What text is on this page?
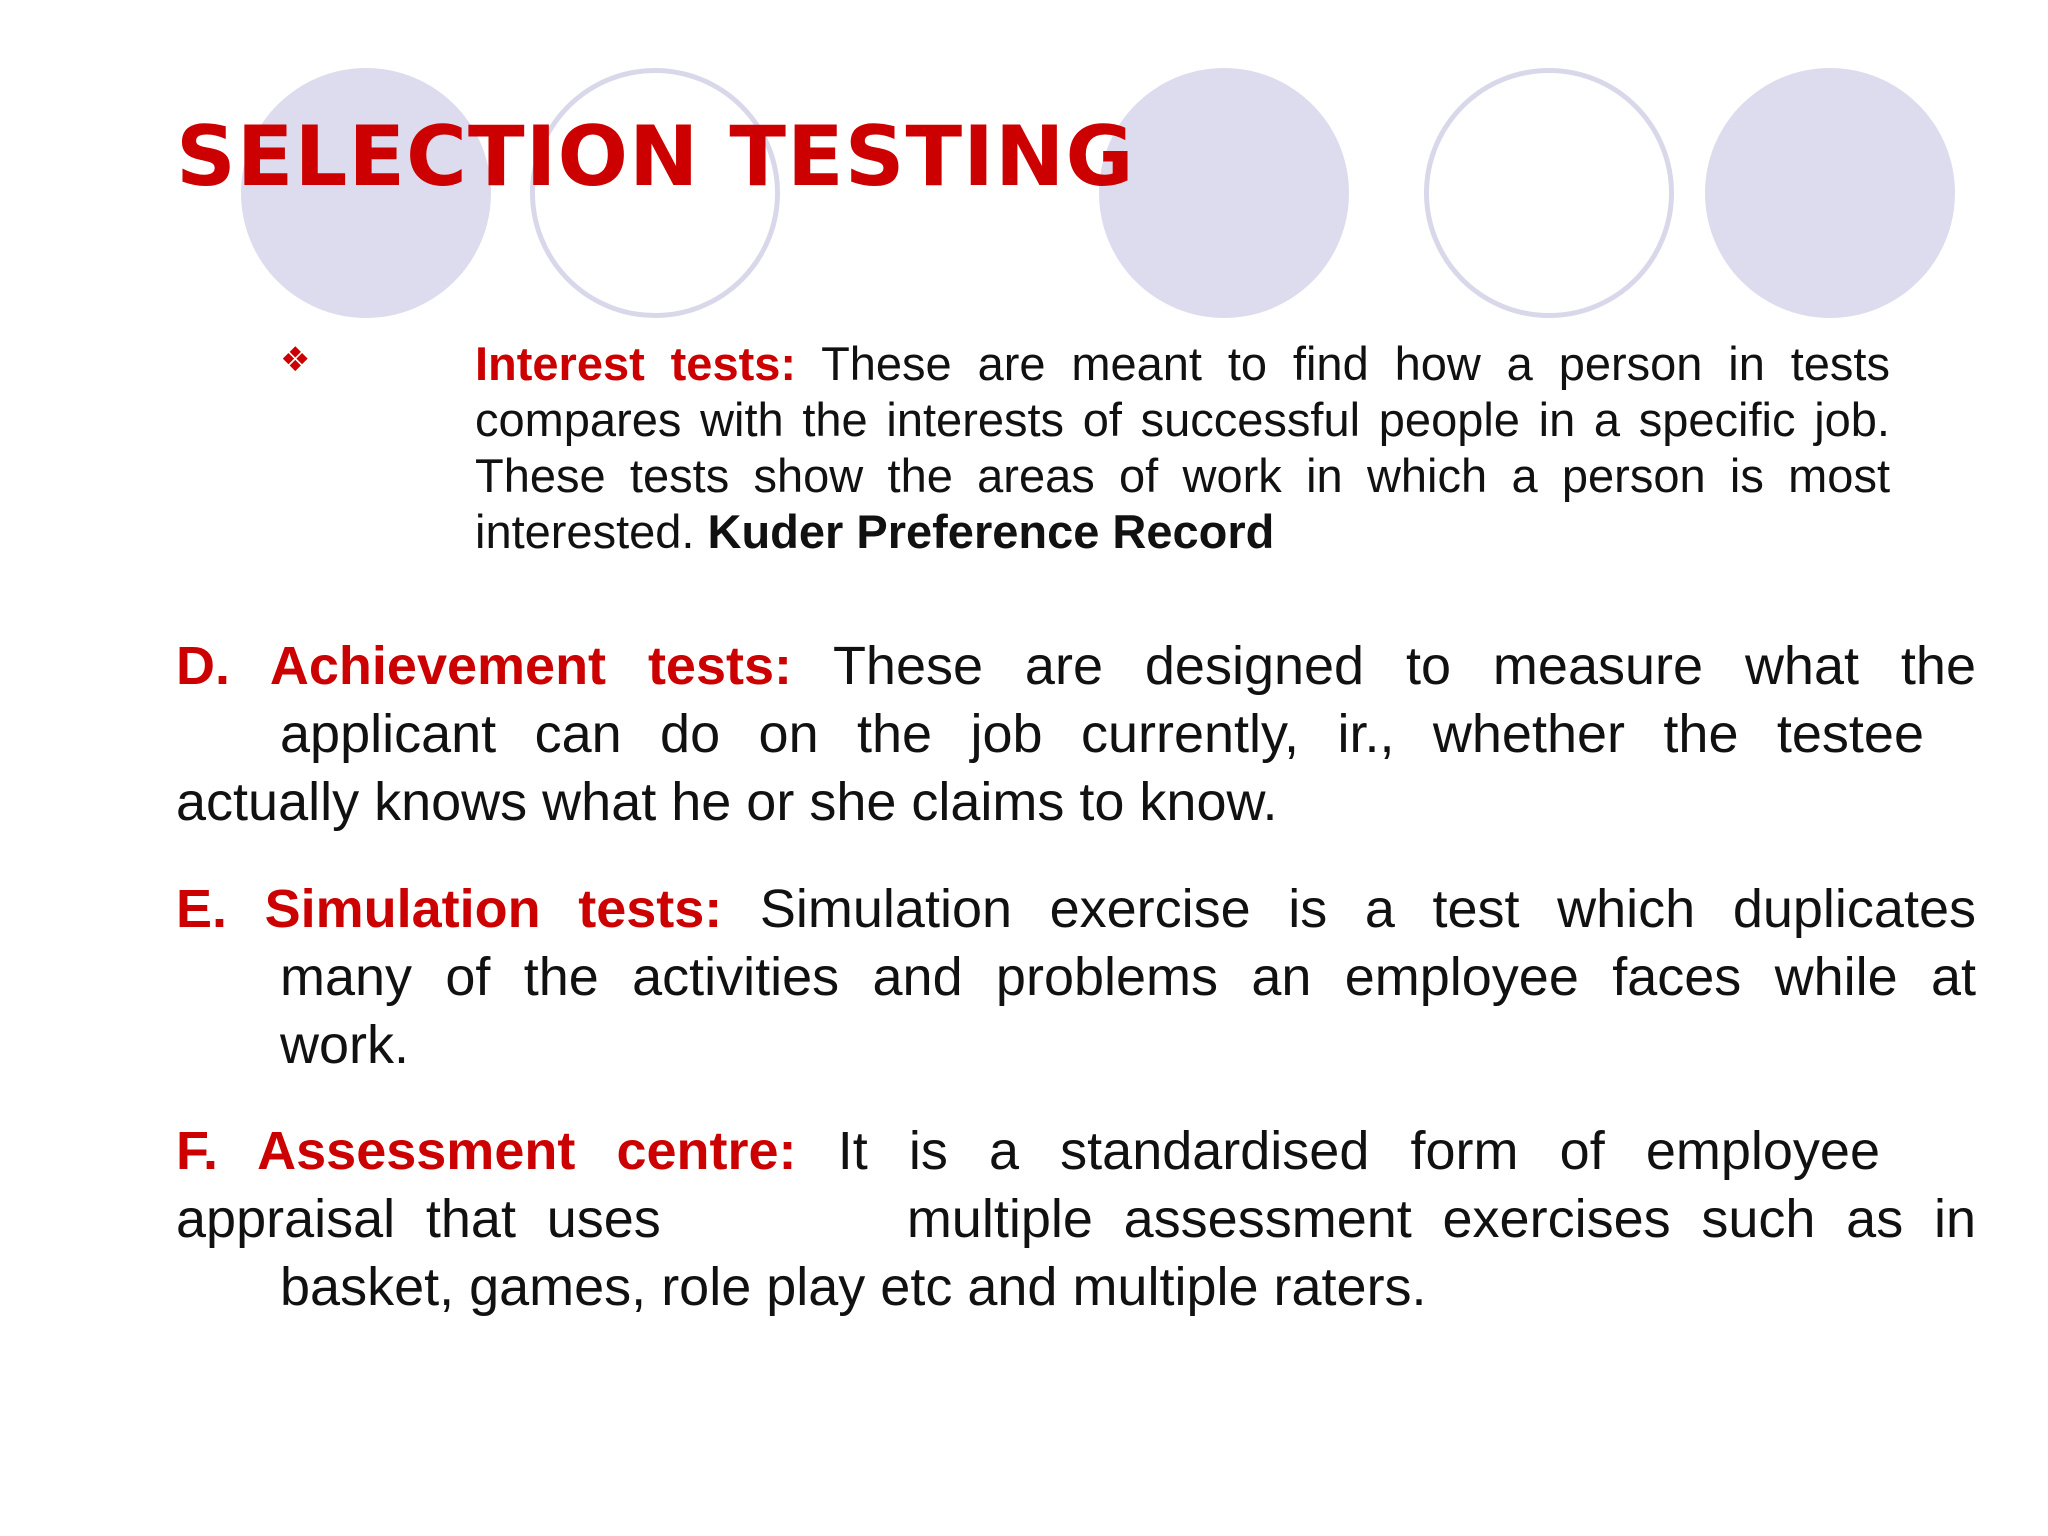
SELECTION TESTING
❖	Interest tests: These are meant to find how a person in tests compares with the interests of successful people in a specific job. These tests show the areas of work in which a person is most interested. Kuder Preference Record
D. Achievement tests: These are designed to measure what the
applicant can do on the job currently, ir., whether the testee
actually knows what he or she claims to know.
E. Simulation tests: Simulation exercise is a test which duplicates
many of the activities and problems an employee faces while at
work.
F. Assessment centre: It is a standardised form of employee
appraisal that uses        multiple assessment exercises such as in
basket, games, role play etc and multiple raters.
